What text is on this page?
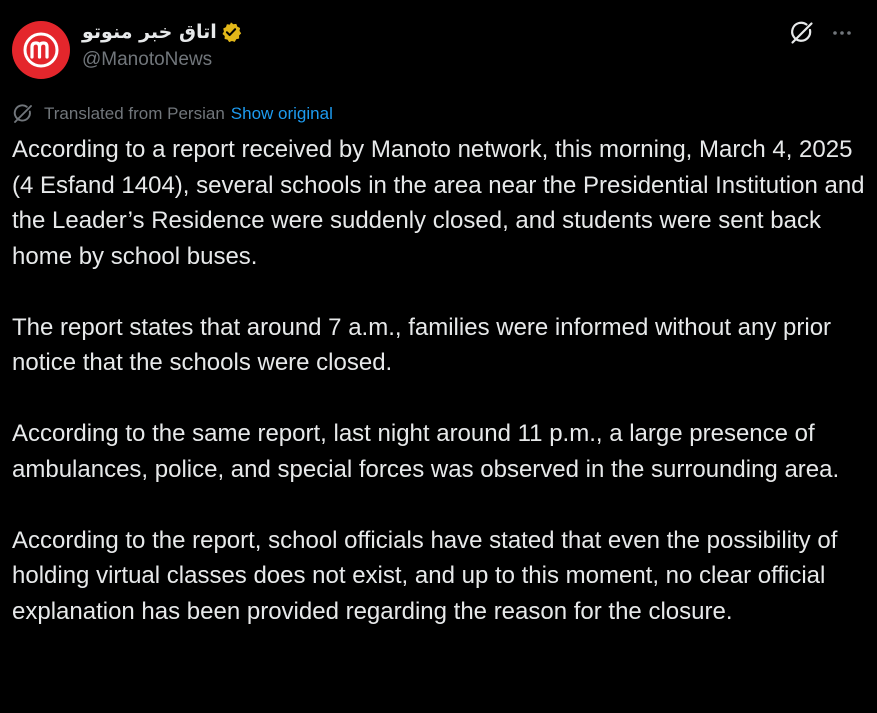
اتاق خبر منوتو
@ManotoNews
Translated from Persian Show original

According to a report received by Manoto network, this morning, March 4, 2025 (4 Esfand 1404), several schools in the area near the Presidential Institution and the Leader’s Residence were suddenly closed, and students were sent back home by school buses.

The report states that around 7 a.m., families were informed without any prior notice that the schools were closed.

According to the same report, last night around 11 p.m., a large presence of ambulances, police, and special forces was observed in the surrounding area.

According to the report, school officials have stated that even the possibility of holding virtual classes does not exist, and up to this moment, no clear official explanation has been provided regarding the reason for the closure.
